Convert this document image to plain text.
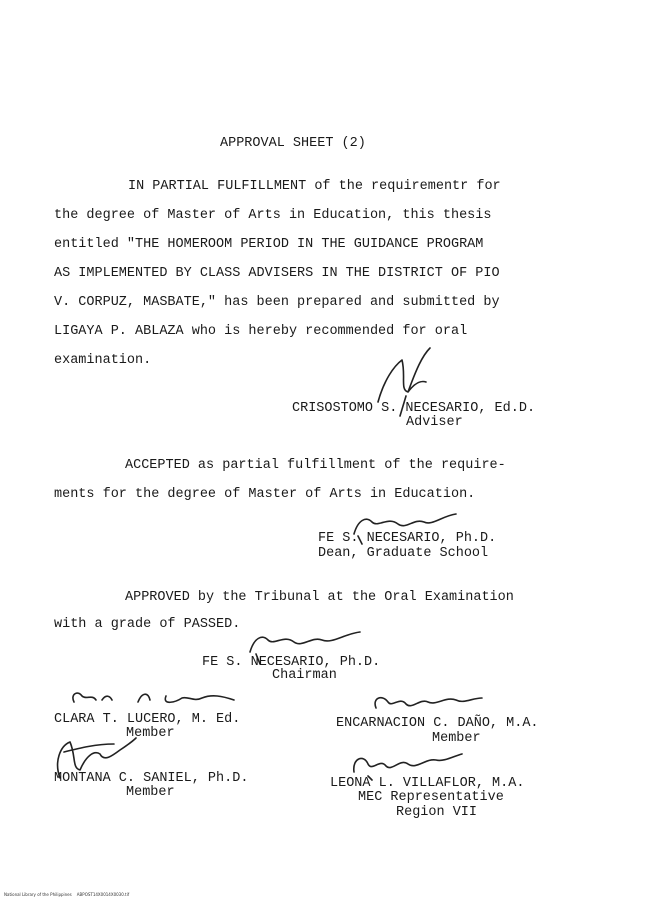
APPROVAL SHEET (2)
IN PARTIAL FULFILLMENT of the requirementr for
the degree of Master of Arts in Education, this thesis
entitled "THE HOMEROOM PERIOD IN THE GUIDANCE PROGRAM
AS IMPLEMENTED BY CLASS ADVISERS IN THE DISTRICT OF PIO
V. CORPUZ, MASBATE," has been prepared and submitted by
LIGAYA P. ABLAZA who is hereby recommended for oral
examination.
CRISOSTOMO S. NECESARIO, Ed.D.
Adviser
ACCEPTED as partial fulfillment of the require-
ments for the degree of Master of Arts in Education.
FE S. NECESARIO, Ph.D.
Dean, Graduate School
APPROVED by the Tribunal at the Oral Examination
with a grade of PASSED.
FE S. NECESARIO, Ph.D.
Chairman
CLARA T. LUCERO, M. Ed.
Member
ENCARNACION C. DAÑO, M.A.
Member
MONTANA C. SANIEL, Ph.D.
Member
LEONA L. VILLAFLOR, M.A.
MEC Representative
Region VII
National Library of the Philippines    ABPOST14X0014X0030.tif
